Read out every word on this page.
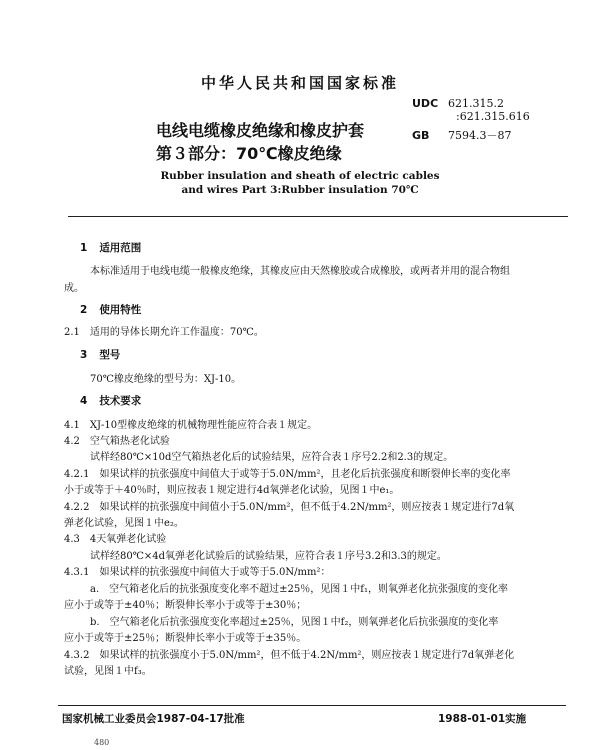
中华人民共和国国家标准
UDC 621.315.2
:621.315.616
GB 7594.3－87
电线电缆橡皮绝缘和橡皮护套
第３部分：70℃橡皮绝缘
Rubber insulation and sheath of electric cables
and wires Part 3:Rubber insulation 70℃
1 适用范围
本标准适用于电线电缆一般橡皮绝缘，其橡皮应由天然橡胶或合成橡胶，或两者并用的混合物组
成。
2 使用特性
2.1　适用的导体长期允许工作温度：70℃。
3 型号
70℃橡皮绝缘的型号为：XJ-10。
4 技术要求
4.1　XJ-10型橡皮绝缘的机械物理性能应符合表１规定。
4.2　空气箱热老化试验
试样经80℃×10d空气箱热老化后的试验结果，应符合表１序号2.2和2.3的规定。
4.2.1　如果试样的抗张强度中间值大于或等于5.0N/mm²，且老化后抗张强度和断裂伸长率的变化率
小于或等于＋40％时，则应按表１规定进行4d氧弹老化试验，见图１中e₁。
4.2.2　如果试样的抗张强度中间值小于5.0N/mm²，但不低于4.2N/mm²，则应按表１规定进行7d氧
弹老化试验，见图１中e₂。
4.3　4天氧弹老化试验
试样经80℃×4d氧弹老化试验后的试验结果，应符合表１序号3.2和3.3的规定。
4.3.1　如果试样的抗张强度中间值大于或等于5.0N/mm²：
a.　空气箱老化后的抗张强度变化率不超过±25％，见图１中f₁，则氧弹老化抗张强度的变化率
应小于或等于±40％；断裂伸长率小于或等于±30％；
b.　空气箱老化后抗张强度变化率超过±25％，见图１中f₂，则氧弹老化后抗张强度的变化率
应小于或等于±25％；断裂伸长率小于或等于±35％。
4.3.2　如果试样的抗张强度小于5.0N/mm²，但不低于4.2N/mm²，则应按表１规定进行7d氧弹老化
试验，见图１中f₃。
国家机械工业委员会1987-04-17批准	1988-01-01实施
480
